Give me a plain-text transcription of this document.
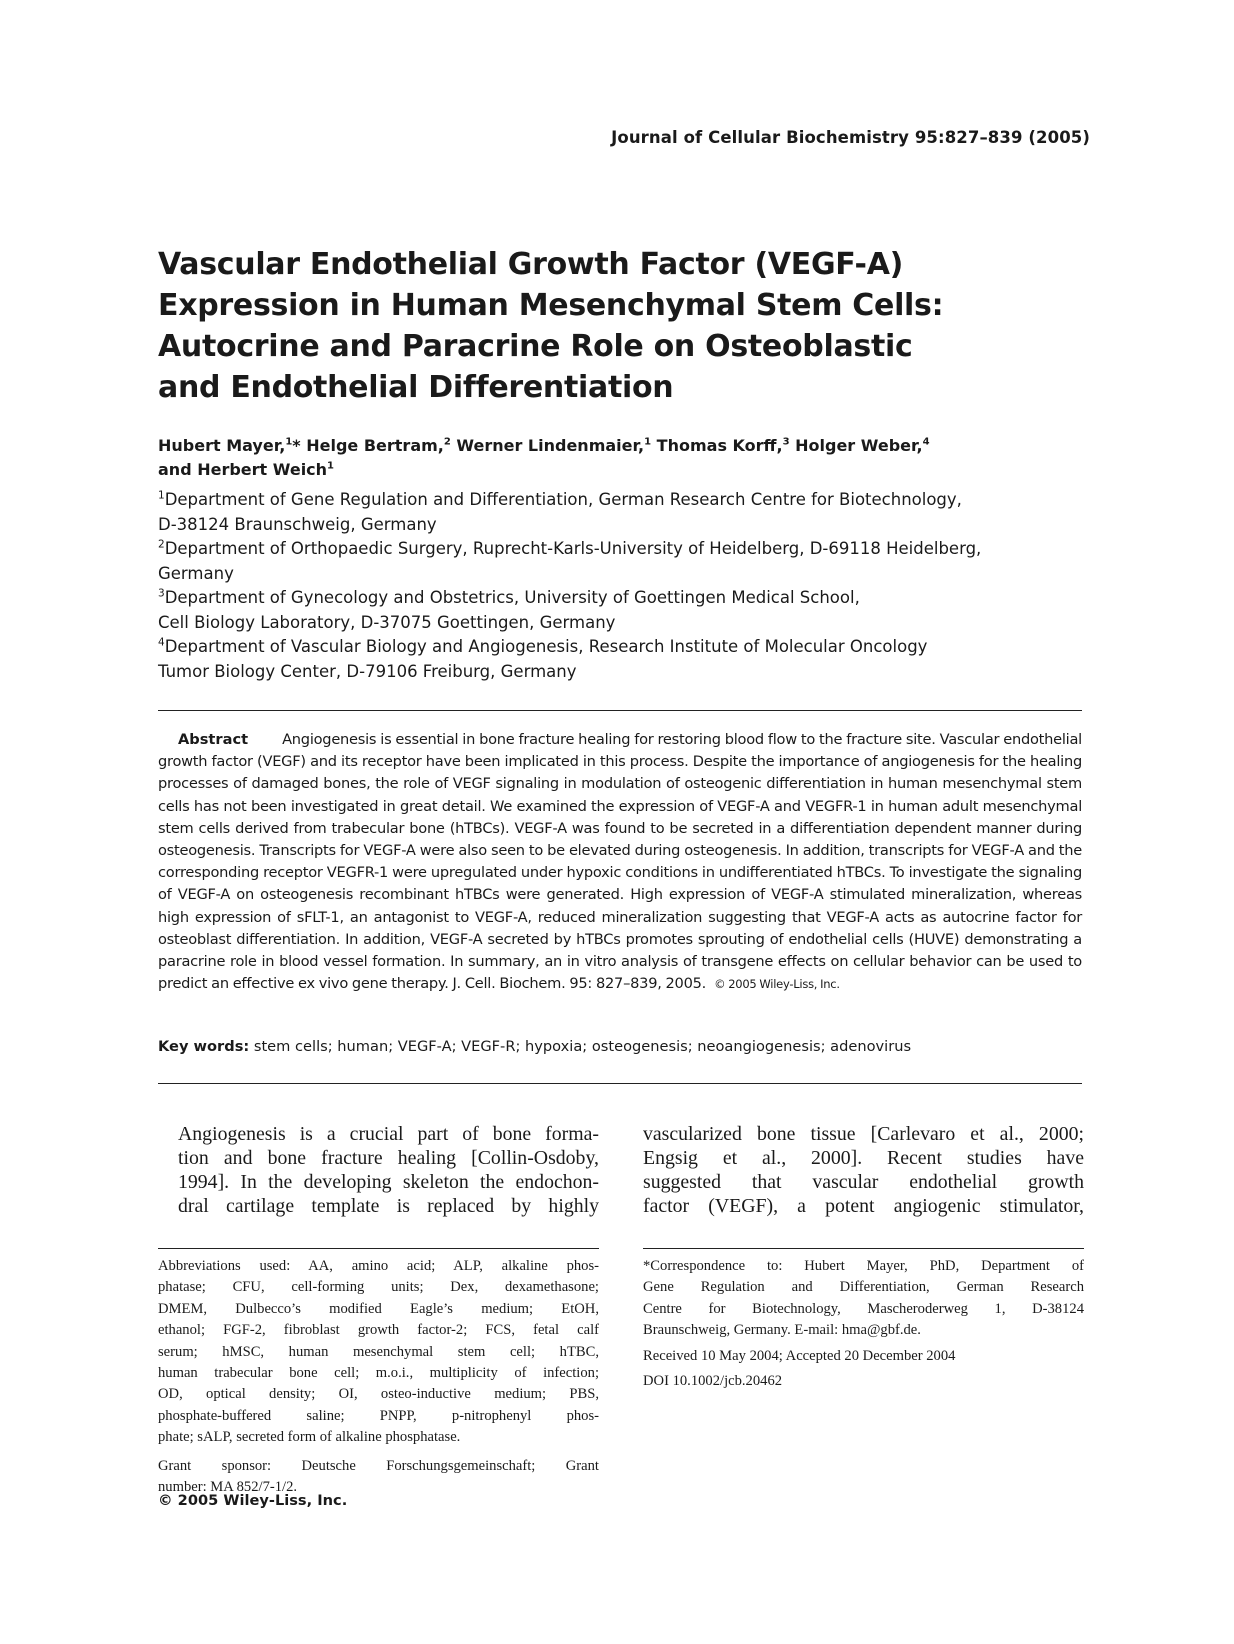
Journal of Cellular Biochemistry 95:827–839 (2005)
Vascular Endothelial Growth Factor (VEGF-A)
Expression in Human Mesenchymal Stem Cells:
Autocrine and Paracrine Role on Osteoblastic
and Endothelial Differentiation
Hubert Mayer,$^1$* Helge Bertram,$^2$ Werner Lindenmaier,$^1$ Thomas Korff,$^3$ Holger Weber,$^4$
and Herbert Weich$^1$

$^1$Department of Gene Regulation and Differentiation, German Research Centre for Biotechnology,
D-38124 Braunschweig, Germany

$^2$Department of Orthopaedic Surgery, Ruprecht-Karls-University of Heidelberg, D-69118 Heidelberg,
Germany

$^3$Department of Gynecology and Obstetrics, University of Goettingen Medical School,
Cell Biology Laboratory, D-37075 Goettingen, Germany

$^4$Department of Vascular Biology and Angiogenesis, Research Institute of Molecular Oncology
Tumor Biology Center, D-79106 Freiburg, Germany

Abstract Angiogenesis is essential in bone fracture healing for restoring blood flow to the fracture site. Vascular endothelial growth factor (VEGF) and its receptor have been implicated in this process. Despite the importance of angiogenesis for the healing processes of damaged bones, the role of VEGF signaling in modulation of osteogenic differentiation in human mesenchymal stem cells has not been investigated in great detail. We examined the expression of VEGF-A and VEGFR-1 in human adult mesenchymal stem cells derived from trabecular bone (hTBCs). VEGF-A was found to be secreted in a differentiation dependent manner during osteogenesis. Transcripts for VEGF-A were also seen to be elevated during osteogenesis. In addition, transcripts for VEGF-A and the corresponding receptor VEGFR-1 were upregulated under hypoxic conditions in undifferentiated hTBCs. To investigate the signaling of VEGF-A on osteogenesis recombinant hTBCs were generated. High expression of VEGF-A stimulated mineralization, whereas high expression of sFLT-1, an antagonist to VEGF-A, reduced mineralization suggesting that VEGF-A acts as autocrine factor for osteoblast differentiation. In addition, VEGF-A secreted by hTBCs promotes sprouting of endothelial cells (HUVE) demonstrating a paracrine role in blood vessel formation. In summary, an in vitro analysis of transgene effects on cellular behavior can be used to predict an effective ex vivo gene therapy. J. Cell. Biochem. 95: 827–839, 2005. © 2005 Wiley-Liss, Inc.
Key words: stem cells; human; VEGF-A; VEGF-R; hypoxia; osteogenesis; neoangiogenesis; adenovirus

Angiogenesis is a crucial part of bone forma-
tion and bone fracture healing [Collin-Osdoby,
1994]. In the developing skeleton the endochon-
dral cartilage template is replaced by highly

vascularized bone tissue [Carlevaro et al., 2000;
Engsig et al., 2000]. Recent studies have
suggested that vascular endothelial growth
factor (VEGF), a potent angiogenic stimulator,

Abbreviations used: AA, amino acid; ALP, alkaline phos-
phatase; CFU, cell-forming units; Dex, dexamethasone;
DMEM, Dulbecco’s modified Eagle’s medium; EtOH,
ethanol; FGF-2, fibroblast growth factor-2; FCS, fetal calf
serum; hMSC, human mesenchymal stem cell; hTBC,
human trabecular bone cell; m.o.i., multiplicity of infection;
OD, optical density; OI, osteo-inductive medium; PBS,
phosphate-buffered saline; PNPP, p-nitrophenyl phos-
phate; sALP, secreted form of alkaline phosphatase.

Grant sponsor: Deutsche Forschungsgemeinschaft; Grant
number: MA 852/7-1/2.

*Correspondence to: Hubert Mayer, PhD, Department of
Gene Regulation and Differentiation, German Research
Centre for Biotechnology, Mascheroderweg 1, D-38124
Braunschweig, Germany. E-mail: hma@gbf.de.

Received 10 May 2004; Accepted 20 December 2004

DOI 10.1002/jcb.20462

© 2005 Wiley-Liss, Inc.
